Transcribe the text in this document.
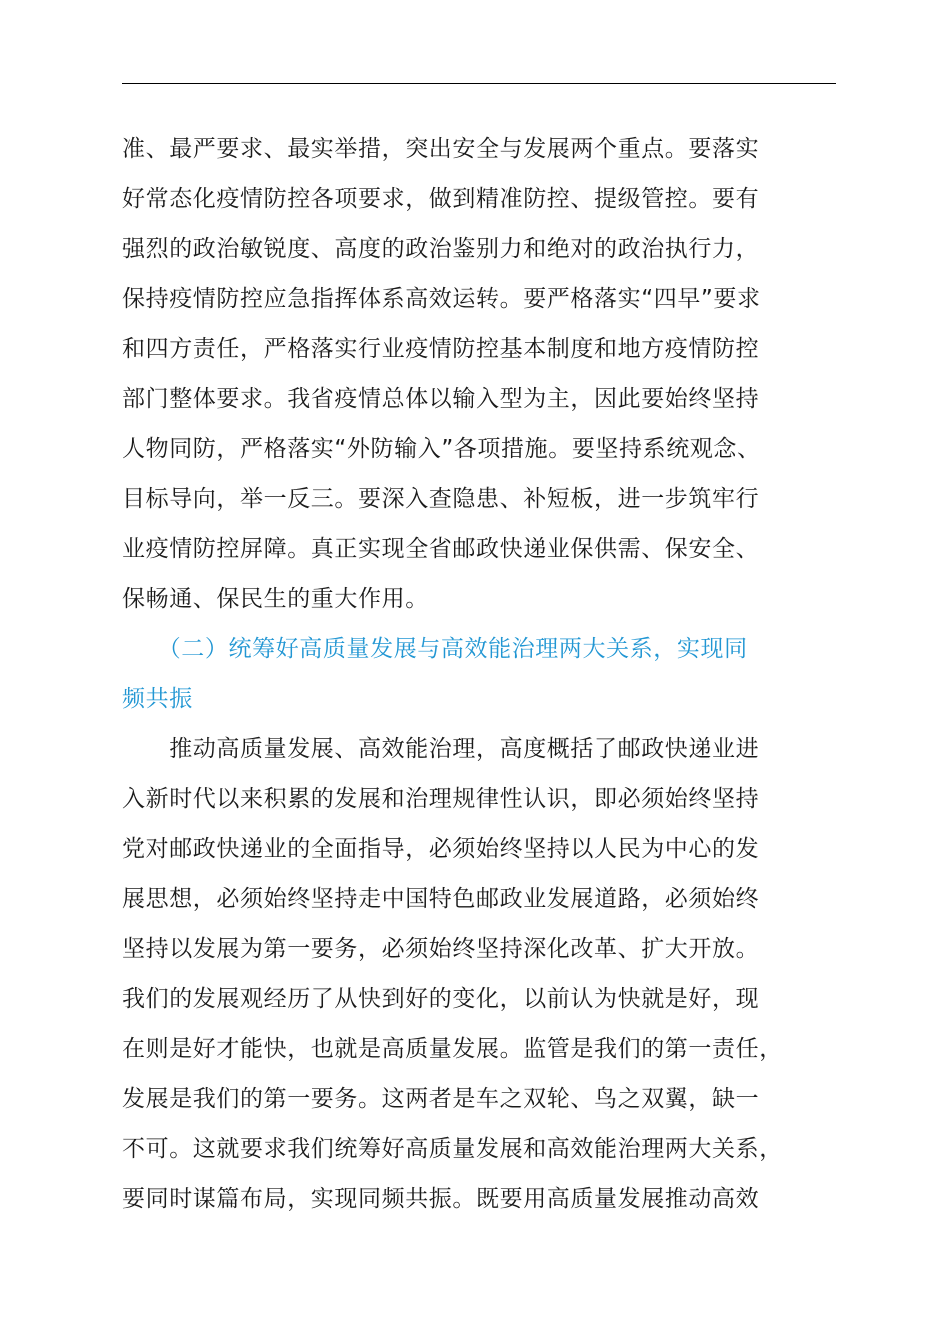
准、最严要求、最实举措，突出安全与发展两个重点。要落实
好常态化疫情防控各项要求，做到精准防控、提级管控。要有
强烈的政治敏锐度、高度的政治鉴别力和绝对的政治执行力，
保持疫情防控应急指挥体系高效运转。要严格落实“四早”要求
和四方责任，严格落实行业疫情防控基本制度和地方疫情防控
部门整体要求。我省疫情总体以输入型为主，因此要始终坚持
人物同防，严格落实“外防输入”各项措施。要坚持系统观念、
目标导向，举一反三。要深入查隐患、补短板，进一步筑牢行
业疫情防控屏障。真正实现全省邮政快递业保供需、保安全、
保畅通、保民生的重大作用。
　　（二）统筹好高质量发展与高效能治理两大关系，实现同
频共振
　　推动高质量发展、高效能治理，高度概括了邮政快递业进
入新时代以来积累的发展和治理规律性认识，即必须始终坚持
党对邮政快递业的全面指导，必须始终坚持以人民为中心的发
展思想，必须始终坚持走中国特色邮政业发展道路，必须始终
坚持以发展为第一要务，必须始终坚持深化改革、扩大开放。
我们的发展观经历了从快到好的变化，以前认为快就是好，现
在则是好才能快，也就是高质量发展。监管是我们的第一责任，
发展是我们的第一要务。这两者是车之双轮、鸟之双翼，缺一
不可。这就要求我们统筹好高质量发展和高效能治理两大关系，
要同时谋篇布局，实现同频共振。既要用高质量发展推动高效
